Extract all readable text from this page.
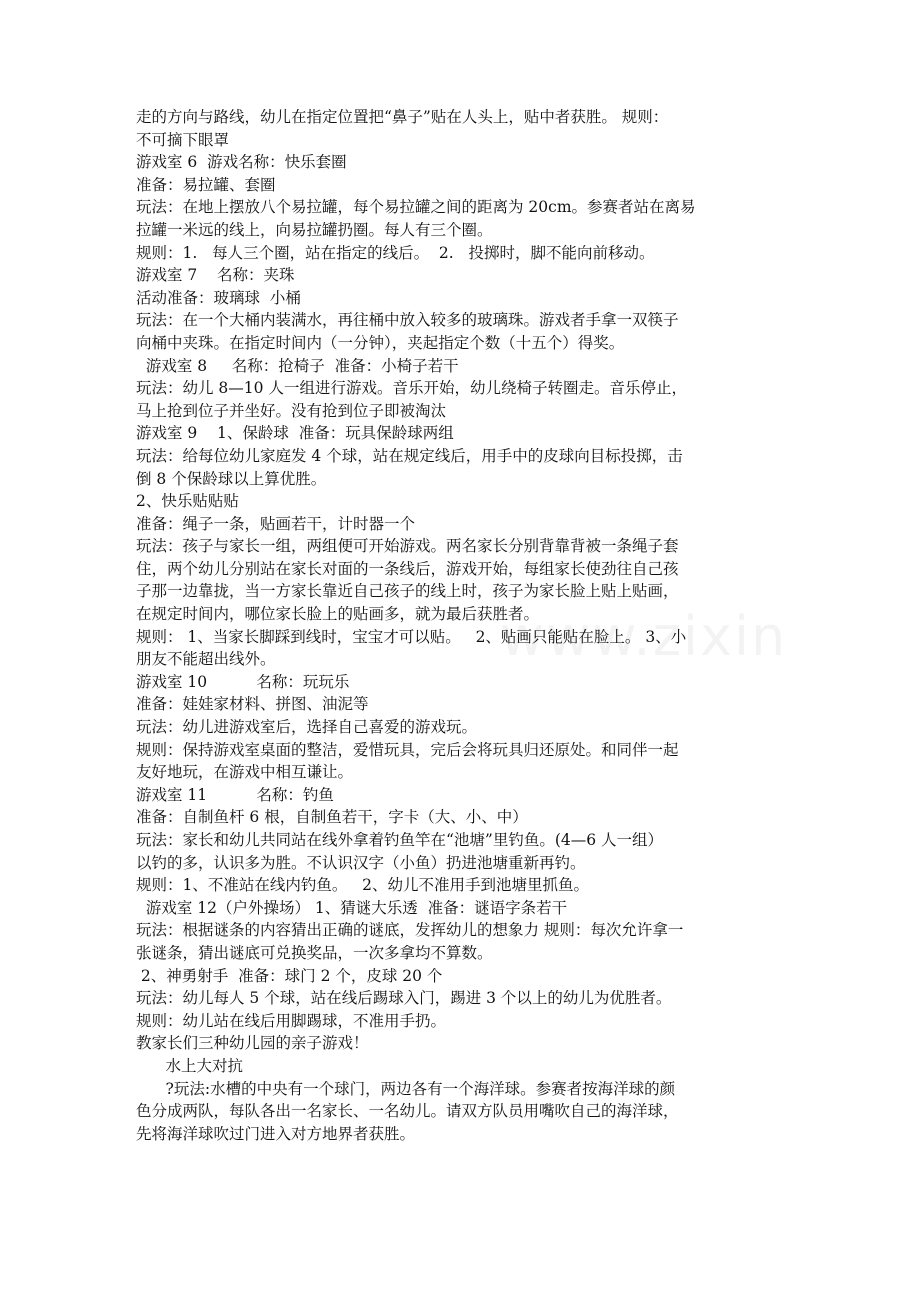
走的方向与路线，幼儿在指定位置把“鼻子”贴在人头上，贴中者获胜。 规则：
不可摘下眼罩
游戏室 6  游戏名称：快乐套圈
准备：易拉罐、套圈
玩法：在地上摆放八个易拉罐，每个易拉罐之间的距离为 20cm。参赛者站在离易
拉罐一米远的线上，向易拉罐扔圈。每人有三个圈。
规则：1.   每人三个圈，站在指定的线后。  2.   投掷时，脚不能向前移动。
游戏室 7    名称：夹珠
活动准备：玻璃球  小桶
玩法：在一个大桶内装满水，再往桶中放入较多的玻璃珠。游戏者手拿一双筷子
向桶中夹珠。在指定时间内（一分钟），夹起指定个数（十五个）得奖。
游戏室 8     名称：抢椅子  准备：小椅子若干
玩法：幼儿 8—10 人一组进行游戏。音乐开始，幼儿绕椅子转圈走。音乐停止，
马上抢到位子并坐好。没有抢到位子即被淘汰
游戏室 9    1、保龄球  准备：玩具保龄球两组
玩法：给每位幼儿家庭发 4 个球，站在规定线后，用手中的皮球向目标投掷，击
倒 8 个保龄球以上算优胜。
2、快乐贴贴贴
准备：绳子一条，贴画若干，计时器一个
玩法：孩子与家长一组，两组便可开始游戏。两名家长分别背靠背被一条绳子套
住，两个幼儿分别站在家长对面的一条线后，游戏开始，每组家长使劲往自己孩
子那一边靠拢，当一方家长靠近自己孩子的线上时，孩子为家长脸上贴上贴画，
在规定时间内，哪位家长脸上的贴画多，就为最后获胜者。
规则： 1、当家长脚踩到线时，宝宝才可以贴。   2、贴画只能贴在脸上。 3、小
朋友不能超出线外。
游戏室 10          名称：玩玩乐
准备：娃娃家材料、拼图、油泥等
玩法：幼儿进游戏室后，选择自己喜爱的游戏玩。
规则：保持游戏室桌面的整洁，爱惜玩具，完后会将玩具归还原处。和同伴一起
友好地玩，在游戏中相互谦让。
游戏室 11          名称：钓鱼
准备：自制鱼杆 6 根，自制鱼若干，字卡（大、小、中）
玩法：家长和幼儿共同站在线外拿着钓鱼竿在“池塘”里钓鱼。(4—6 人一组）
以钓的多，认识多为胜。不认识汉字（小鱼）扔进池塘重新再钓。
规则：1、不准站在线内钓鱼。   2、幼儿不准用手到池塘里抓鱼。
游戏室 12（户外操场） 1、猜谜大乐透  准备：谜语字条若干
玩法：根据谜条的内容猜出正确的谜底，发挥幼儿的想象力 规则：每次允许拿一
张谜条，猜出谜底可兑换奖品，一次多拿均不算数。
2、神勇射手  准备：球门 2 个，皮球 20 个
玩法：幼儿每人 5 个球，站在线后踢球入门，踢进 3 个以上的幼儿为优胜者。
规则：幼儿站在线后用脚踢球，不准用手扔。
教家长们三种幼儿园的亲子游戏！
水上大对抗
?玩法:水槽的中央有一个球门，两边各有一个海洋球。参赛者按海洋球的颜
色分成两队，每队各出一名家长、一名幼儿。请双方队员用嘴吹自己的海洋球，
先将海洋球吹过门进入对方地界者获胜。
